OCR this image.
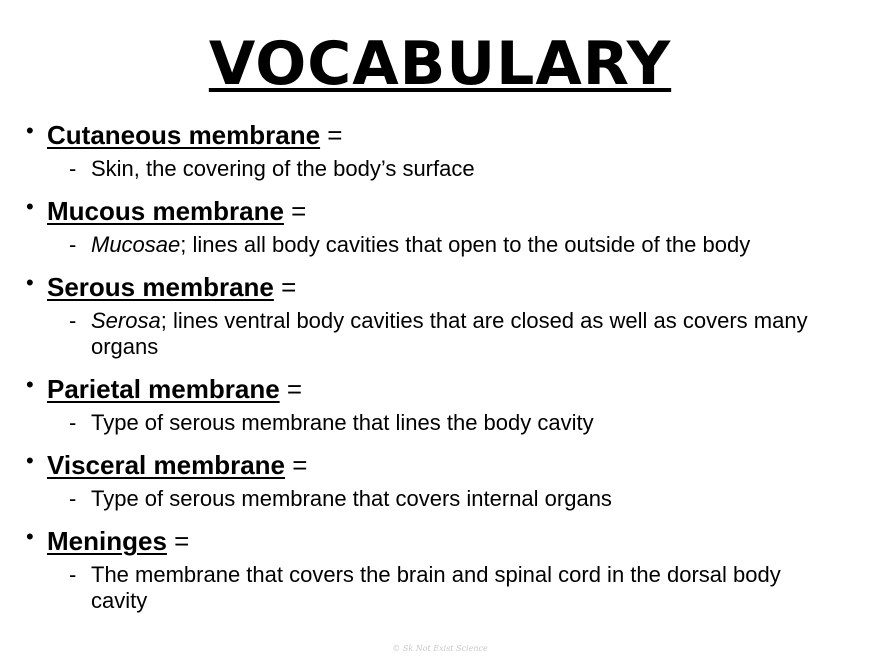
VOCABULARY
• Cutaneous membrane =
- Skin, the covering of the body’s surface
• Mucous membrane =
- Mucosae; lines all body cavities that open to the outside of the body
• Serous membrane =
- Serosa; lines ventral body cavities that are closed as well as covers many organs
• Parietal membrane =
- Type of serous membrane that lines the body cavity
• Visceral membrane =
- Type of serous membrane that covers internal organs
• Meninges =
- The membrane that covers the brain and spinal cord in the dorsal body cavity
© Sk Not Exist Science
